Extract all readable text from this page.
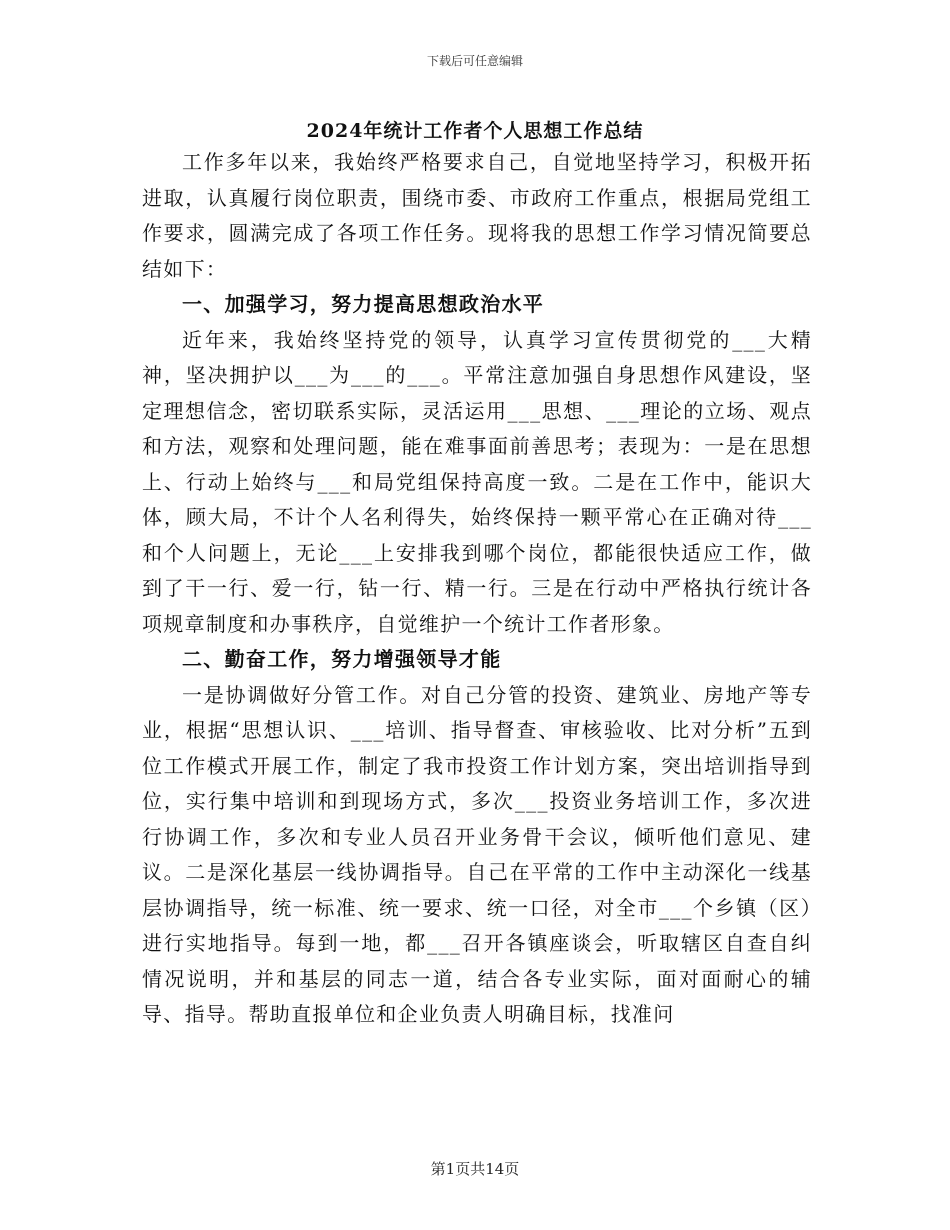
下载后可任意编辑
2024年统计工作者个人思想工作总结

工作多年以来，我始终严格要求自己，自觉地坚持学习，积极开拓进取，认真履行岗位职责，围绕市委、市政府工作重点，根据局党组工作要求，圆满完成了各项工作任务。现将我的思想工作学习情况简要总结如下：

一、加强学习，努力提高思想政治水平

近年来，我始终坚持党的领导，认真学习宣传贯彻党的___大精神，坚决拥护以___为___的___。平常注意加强自身思想作风建设，坚定理想信念，密切联系实际，灵活运用___思想、___理论的立场、观点和方法，观察和处理问题，能在难事面前善思考；表现为：一是在思想上、行动上始终与___和局党组保持高度一致。二是在工作中，能识大体，顾大局，不计个人名利得失，始终保持一颗平常心在正确对待___和个人问题上，无论___上安排我到哪个岗位，都能很快适应工作，做到了干一行、爱一行，钻一行、精一行。三是在行动中严格执行统计各项规章制度和办事秩序，自觉维护一个统计工作者形象。

二、勤奋工作，努力增强领导才能

一是协调做好分管工作。对自己分管的投资、建筑业、房地产等专业，根据“思想认识、___培训、指导督查、审核验收、比对分析”五到位工作模式开展工作，制定了我市投资工作计划方案，突出培训指导到位，实行集中培训和到现场方式，多次___投资业务培训工作，多次进行协调工作，多次和专业人员召开业务骨干会议，倾听他们意见、建议。二是深化基层一线协调指导。自己在平常的工作中主动深化一线基层协调指导，统一标准、统一要求、统一口径，对全市___个乡镇（区）进行实地指导。每到一地，都___召开各镇座谈会，听取辖区自查自纠情况说明，并和基层的同志一道，结合各专业实际，面对面耐心的辅导、指导。帮助直报单位和企业负责人明确目标，找准问

第1页共14页
